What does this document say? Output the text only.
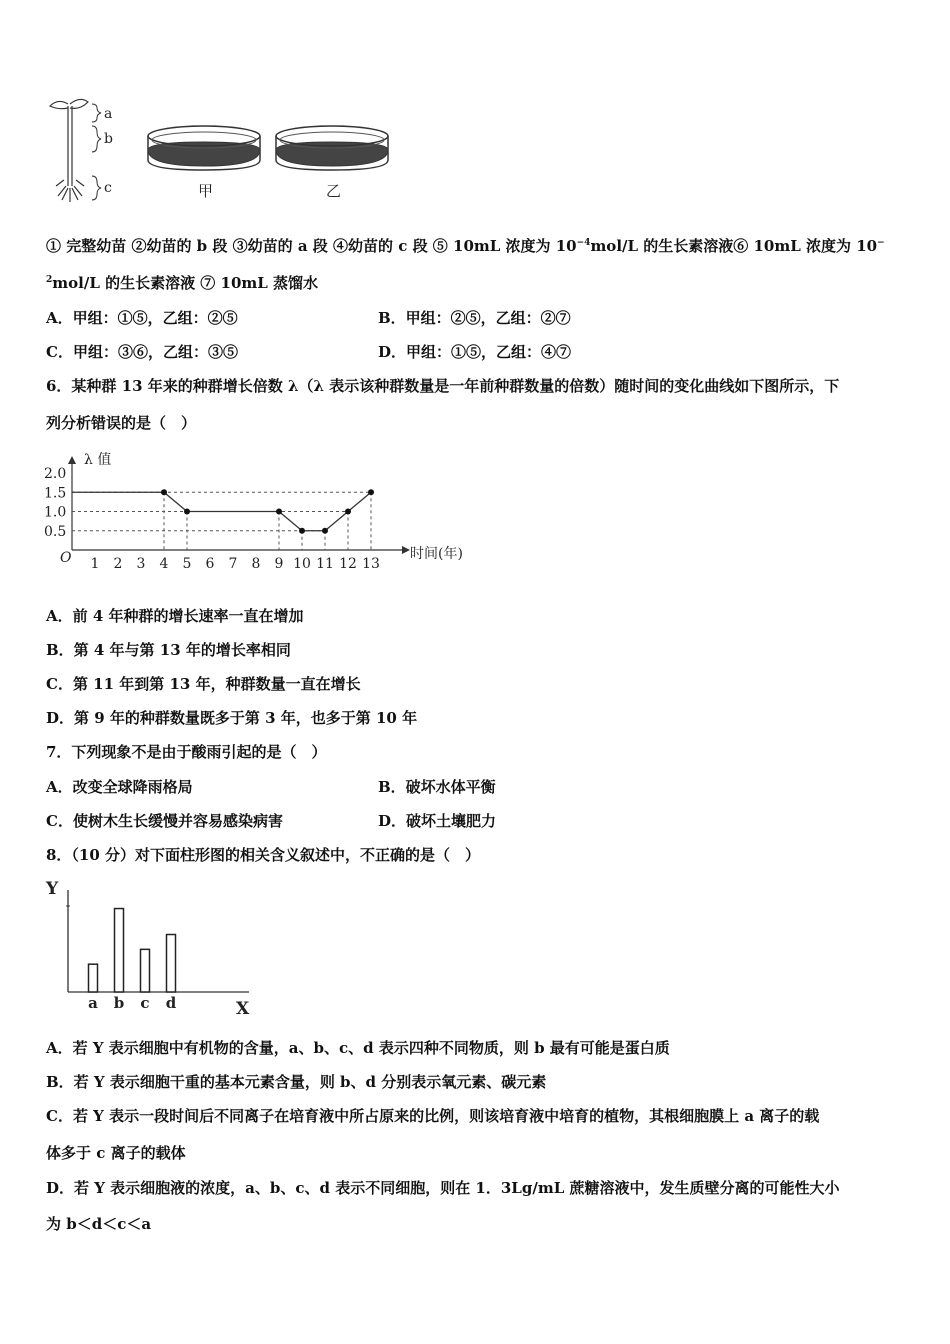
a
b
c	甲	乙
① 完整幼苗 ②幼苗的 b 段 ③幼苗的 a 段 ④幼苗的 c 段 ⑤ 10mL 浓度为 $10^{-4}mol/L$ 的生长素溶液⑥ 10mL 浓度为 10−
$^2$mol/L 的生长素溶液 ⑦ 10mL 蒸馏水
A．甲组：①⑤，乙组：②⑤	B．甲组：②⑤，乙组：②⑦
C．甲组：③⑥，乙组：③⑤	D．甲组：①⑤，乙组：④⑦
6．某种群 13 年来的种群增长倍数 λ（λ 表示该种群数量是一年前种群数量的倍数）随时间的变化曲线如下图所示，下
列分析错误的是（　）
λ 值
时间(年)
O
0.5
1.0
1.5
2.0
1 2 3 4 5 6 7 8 9 10 11 12 13
A．前 4 年种群的增长速率一直在增加
B．第 4 年与第 13 年的增长率相同
C．第 11 年到第 13 年，种群数量一直在增长
D．第 9 年的种群数量既多于第 3 年，也多于第 10 年
7．下列现象不是由于酸雨引起的是（　）
A．改变全球降雨格局	B．破坏水体平衡
C．使树木生长缓慢并容易感染病害	D．破坏土壤肥力
8．（10 分）对下面柱形图的相关含义叙述中，不正确的是（　）
Y
X
a b c d
A．若 Y 表示细胞中有机物的含量，a、b、c、d 表示四种不同物质，则 b 最有可能是蛋白质
B．若 Y 表示细胞干重的基本元素含量，则 b、d 分别表示氧元素、碳元素
C．若 Y 表示一段时间后不同离子在培育液中所占原来的比例，则该培育液中培育的植物，其根细胞膜上 a 离子的载
体多于 c 离子的载体
D．若 Y 表示细胞液的浓度，a、b、c、d 表示不同细胞，则在 1．3Lg/mL 蔗糖溶液中，发生质壁分离的可能性大小
为 b＜d＜c＜a
